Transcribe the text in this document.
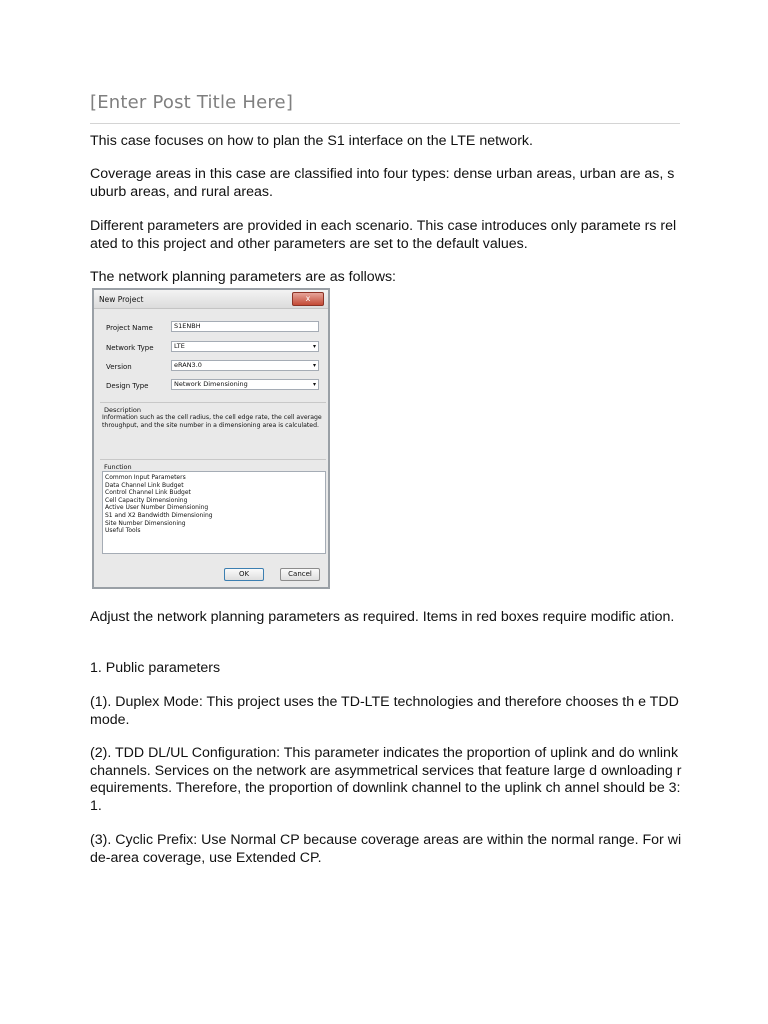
[Enter Post Title Here]
This case focuses on how to plan the S1 interface on the LTE network.
Coverage areas in this case are classified into four types: dense urban areas, urban are as, suburb areas, and rural areas.
Different parameters are provided in each scenario. This case introduces only paramete rs related to this project and other parameters are set to the default values.
The network planning parameters are as follows:
Adjust the network planning parameters as required. Items in red boxes require modific ation.
1. Public parameters
(1). Duplex Mode: This project uses the TD-LTE technologies and therefore chooses th e TDD mode.
(2). TDD DL/UL Configuration: This parameter indicates the proportion of uplink and do wnlink channels. Services on the network are asymmetrical services that feature large d ownloading requirements. Therefore, the proportion of downlink channel to the uplink ch annel should be 3:1.
(3). Cyclic Prefix: Use Normal CP because coverage areas are within the normal range. For wide-area coverage, use Extended CP.
New Project	x
Project Name	S1ENBH
Network Type	LTE	▾
Version	eRAN3.0	▾
Design Type	Network Dimensioning	▾
Description
Information such as the cell radius, the cell edge rate, the cell average throughput, and the site number in a dimensioning area is calculated.
Function
Common Input Parameters
Data Channel Link Budget
Control Channel Link Budget
Cell Capacity Dimensioning
Active User Number Dimensioning
S1 and X2 Bandwidth Dimensioning
Site Number Dimensioning
Useful Tools
OK	Cancel
